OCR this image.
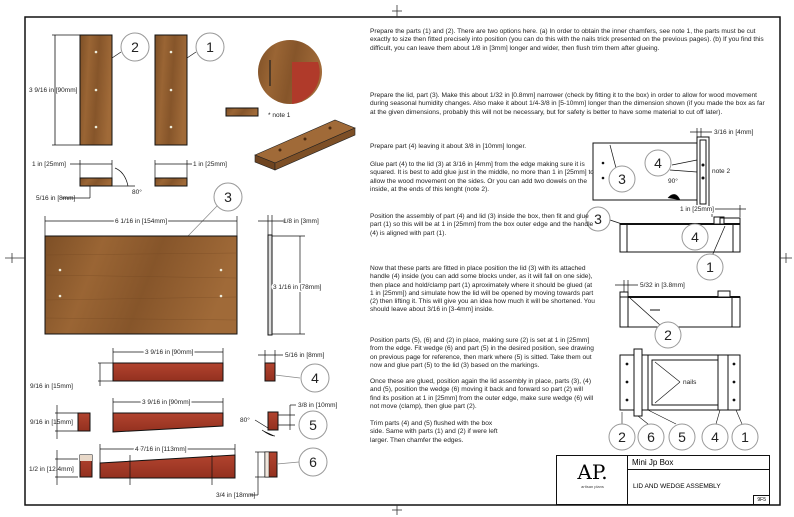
3 9/16 in [90mm]
2	1
1 in [25mm]	1 in [25mm]
5/16 in [8mm]
80°
* note 1
3
6 1/16 in [154mm]	1/8 in [3mm]
3 1/16 in [78mm]
3 9/16 in [90mm]
9/16 in [15mm]
5/16 in [8mm]
4
9/16 in [15mm]
3 9/16 in [90mm]	3/8 in [10mm]
80°	5
1/2 in [12.4mm]
4 7/16 in [113mm]
3/4 in [18mm]
6
3/16 in [4mm]
note 2
90°
4
3
1 in [25mm]
3
4
1
5/32 in [3.8mm]
2
nails
2 6 5 4 1

Prepare the parts (1) and (2). There are two options here. (a) In order to obtain the inner chamfers, see note 1, the parts must be cut exactly to size then fitted precisely into position (you can do this with the nails trick presented on the previous pages). (b) If you find this difficult, you can leave them about 1/8 in [3mm] longer and wider, then flush trim them after glueing.

Prepare the lid, part (3). Make this about 1/32 in [0.8mm] narrower (check by fitting it to the box) in order to allow for wood movement during seasonal humidity changes. Also make it about 1/4-3/8 in [5-10mm] longer than the dimension shown (if you made the box as far at the given dimensions, probably this will not be necessary, but for safety is better to have some material to cut off later).

Prepare part (4) leaving it about 3/8 in [10mm] longer.

Glue part (4) to the lid (3) at 3/16 in [4mm] from the edge making sure it is squared. It is best to add glue just in the middle, no more than 1 in [25mm] to allow the wood movement on the sides. Or you can add two dowels on the inside, at the ends of this lenght (note 2).

Position the assembly of part (4) and lid (3) inside the box, then fit and glue part (1) so this will be at 1 in [25mm] from the box outer edge and the handle (4) is aligned with part (1).

Now that these parts are fitted in place position the lid (3) with its attached handle (4) inside (you can add some blocks under, as it will fall on one side), then place and hold/clamp part (1) aproximately where it should be glued (at 1 in [25mm]) and simulate how the lid will be opened by moving towards part (2) then lifting it. This will give you an idea how much it will be shortened. You should leave about 3/16 in [3-4mm] inside.

Position parts (5), (6) and (2) in place, making sure (2) is set at 1 in [25mm] from the edge. Fit wedge (6) and part (5) in the desired position, see drawing on previous page for reference, then mark where (5) is sitted. Take them out now and glue part (5) to the lid (3) based on the markings.

Once these are glued, position again the lid assembly in place, parts (3), (4) and (5), position the wedge (6) moving it back and forward so part (2) will find its position at 1 in [25mm] from the outer edge, make sure wedge (6) will not move (clamp), then glue part (2).

Trim parts (4) and (5) flushed with the box side. Same with parts (1) and (2) if were left larger. Then chamfer the edges.

AP.
artisan plans
Mini Jp Box
LID AND WEDGE ASSEMBLY
9F5
